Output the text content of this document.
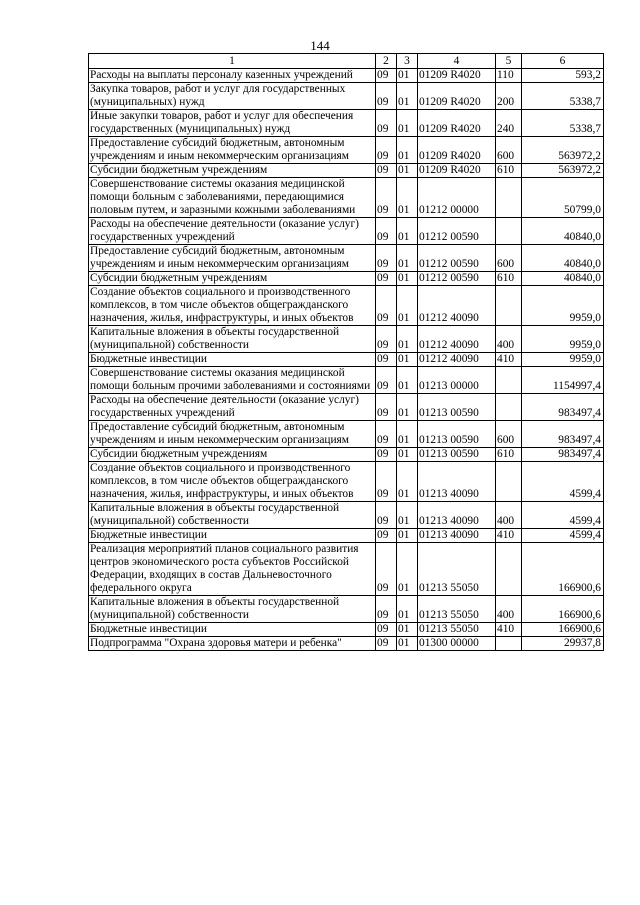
144
1	2	3	4	5	6
Расходы на выплаты персоналу казенных учреждений	09	01	01209 R4020	110	593,2
Закупка товаров, работ и услуг для государственных (муниципальных) нужд	09	01	01209 R4020	200	5338,7
Иные закупки товаров, работ и услуг для обеспечения государственных (муниципальных) нужд	09	01	01209 R4020	240	5338,7
Предоставление субсидий бюджетным, автономным учреждениям и иным некоммерческим организациям	09	01	01209 R4020	600	563972,2
Субсидии бюджетным учреждениям	09	01	01209 R4020	610	563972,2
Совершенствование системы оказания медицинской помощи больным с заболеваниями, передающимися половым путем, и заразными кожными заболеваниями	09	01	01212 00000		50799,0
Расходы на обеспечение деятельности (оказание услуг) государственных учреждений	09	01	01212 00590		40840,0
Предоставление субсидий бюджетным, автономным учреждениям и иным некоммерческим организациям	09	01	01212 00590	600	40840,0
Субсидии бюджетным учреждениям	09	01	01212 00590	610	40840,0
Создание объектов социального и производственного комплексов, в том числе объектов общегражданского назначения, жилья, инфраструктуры, и иных объектов	09	01	01212 40090		9959,0
Капитальные вложения в объекты государственной (муниципальной) собственности	09	01	01212 40090	400	9959,0
Бюджетные инвестиции	09	01	01212 40090	410	9959,0
Совершенствование системы оказания медицинской помощи больным прочими заболеваниями и состояниями	09	01	01213 00000		1154997,4
Расходы на обеспечение деятельности (оказание услуг) государственных учреждений	09	01	01213 00590		983497,4
Предоставление субсидий бюджетным, автономным учреждениям и иным некоммерческим организациям	09	01	01213 00590	600	983497,4
Субсидии бюджетным учреждениям	09	01	01213 00590	610	983497,4
Создание объектов социального и производственного комплексов, в том числе объектов общегражданского назначения, жилья, инфраструктуры, и иных объектов	09	01	01213 40090		4599,4
Капитальные вложения в объекты государственной (муниципальной) собственности	09	01	01213 40090	400	4599,4
Бюджетные инвестиции	09	01	01213 40090	410	4599,4
Реализация мероприятий планов социального развития центров экономического роста субъектов Российской Федерации, входящих в состав Дальневосточного федерального округа	09	01	01213 55050		166900,6
Капитальные вложения в объекты государственной (муниципальной) собственности	09	01	01213 55050	400	166900,6
Бюджетные инвестиции	09	01	01213 55050	410	166900,6
Подпрограмма "Охрана здоровья матери и ребенка"	09	01	01300 00000		29937,8
